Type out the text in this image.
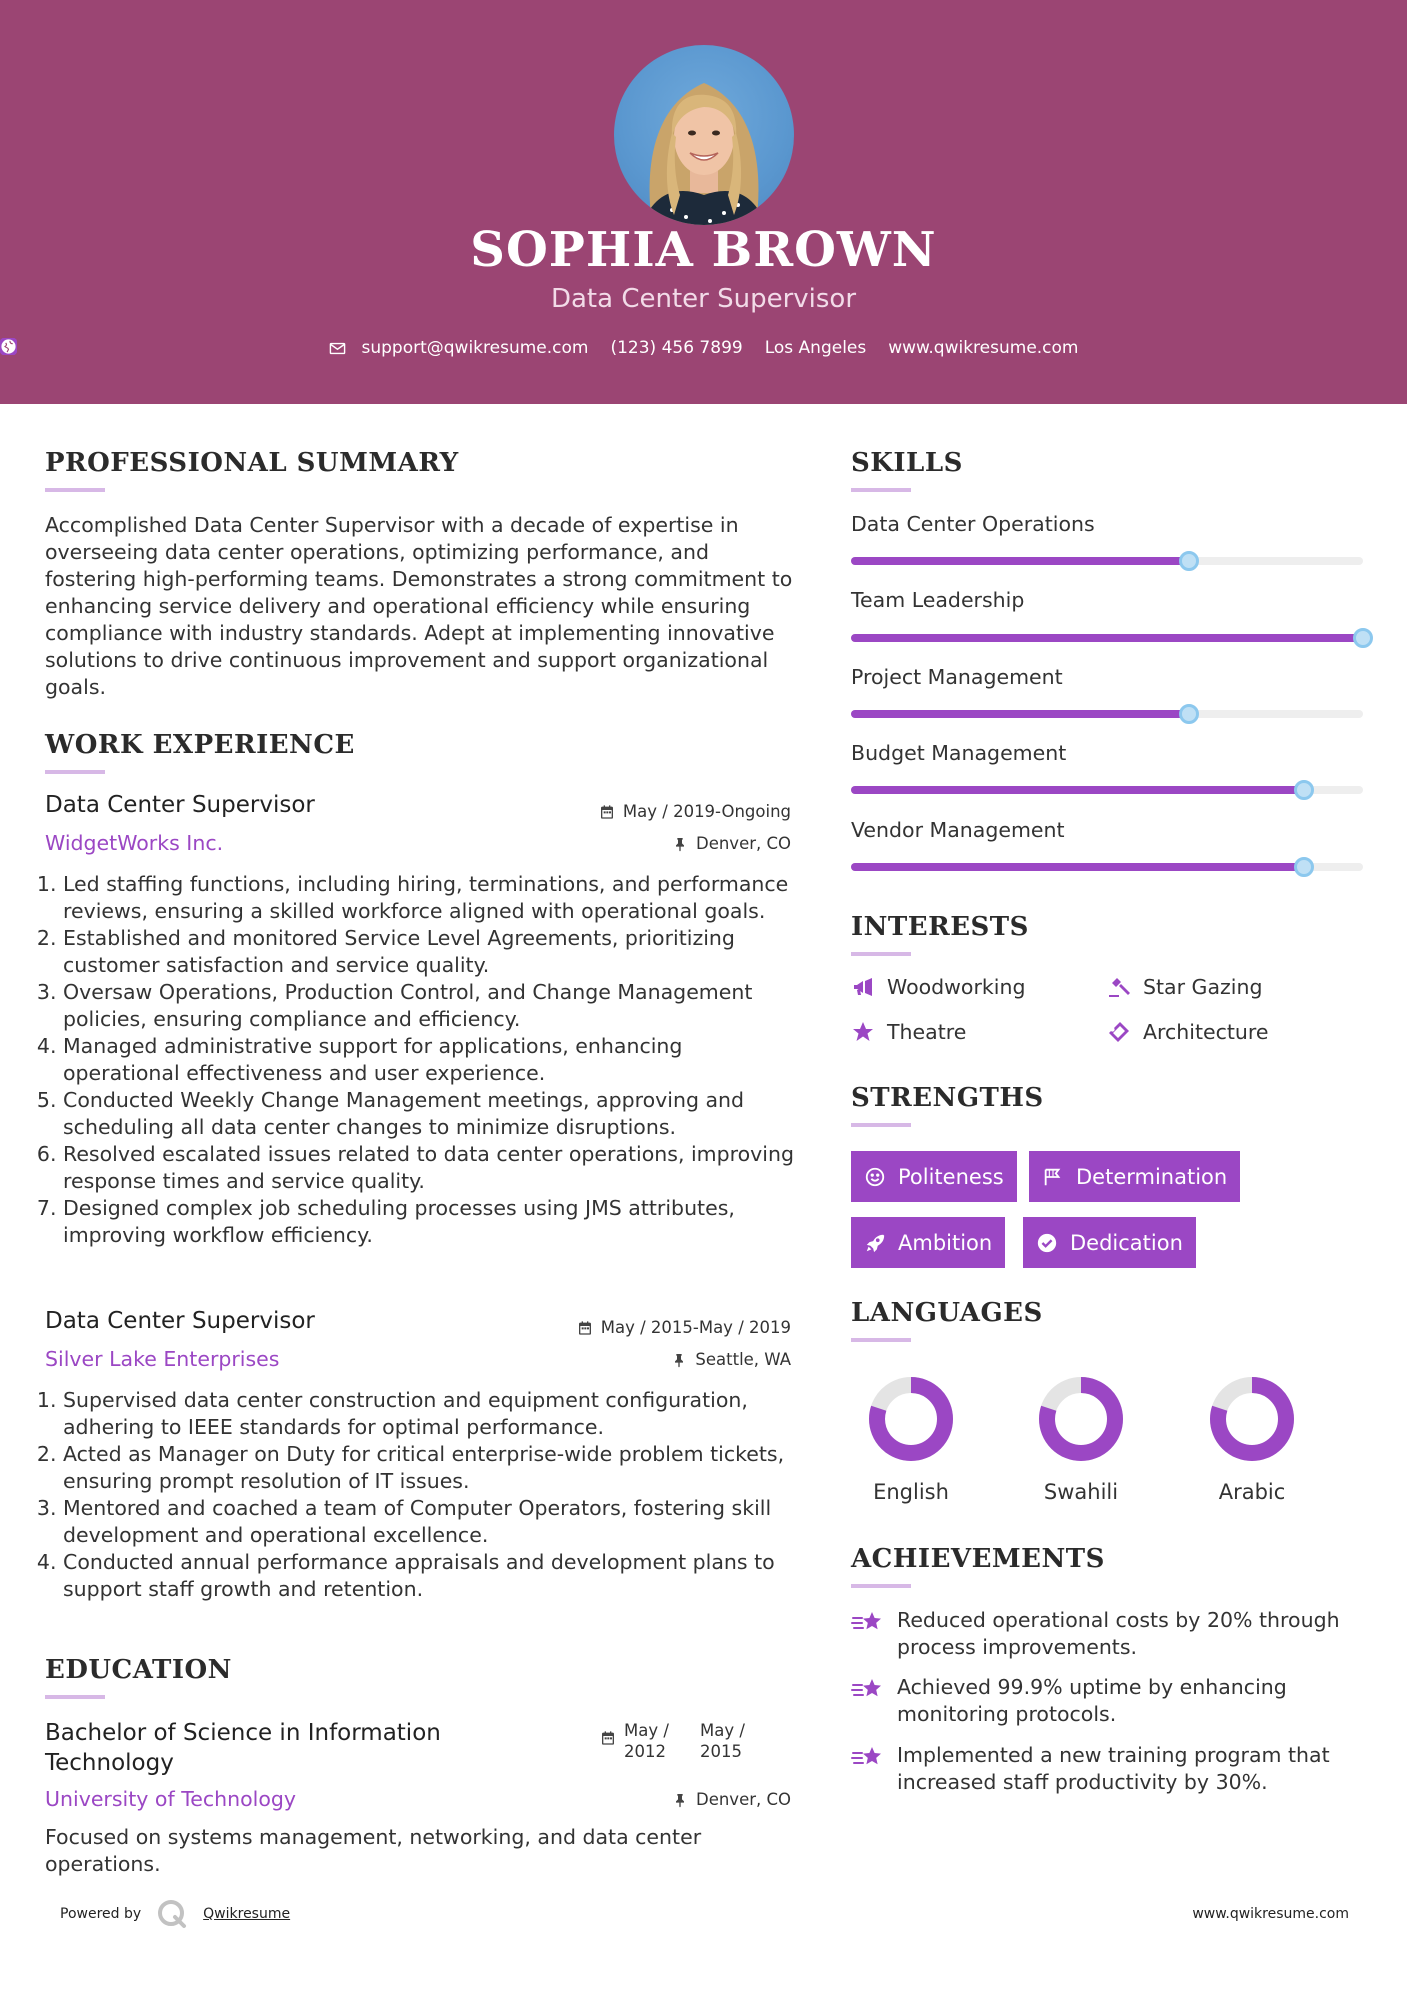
SOPHIA BROWN
Data Center Supervisor
support@qwikresume.com (123) 456 7899 Los Angeles www.qwikresume.com
PROFESSIONAL SUMMARY
Accomplished Data Center Supervisor with a decade of expertise in overseeing data center operations, optimizing performance, and fostering high-performing teams. Demonstrates a strong commitment to enhancing service delivery and operational efficiency while ensuring compliance with industry standards. Adept at implementing innovative solutions to drive continuous improvement and support organizational goals.
WORK EXPERIENCE
Data Center Supervisor	May / 2019-Ongoing
WidgetWorks Inc.	Denver, CO
1. Led staffing functions, including hiring, terminations, and performance reviews, ensuring a skilled workforce aligned with operational goals.
2. Established and monitored Service Level Agreements, prioritizing customer satisfaction and service quality.
3. Oversaw Operations, Production Control, and Change Management policies, ensuring compliance and efficiency.
4. Managed administrative support for applications, enhancing operational effectiveness and user experience.
5. Conducted Weekly Change Management meetings, approving and scheduling all data center changes to minimize disruptions.
6. Resolved escalated issues related to data center operations, improving response times and service quality.
7. Designed complex job scheduling processes using JMS attributes, improving workflow efficiency.
Data Center Supervisor	May / 2015-May / 2019
Silver Lake Enterprises	Seattle, WA
1. Supervised data center construction and equipment configuration, adhering to IEEE standards for optimal performance.
2. Acted as Manager on Duty for critical enterprise-wide problem tickets, ensuring prompt resolution of IT issues.
3. Mentored and coached a team of Computer Operators, fostering skill development and operational excellence.
4. Conducted annual performance appraisals and development plans to support staff growth and retention.
EDUCATION
Bachelor of Science in Information Technology
May / 2012
May / 2015
University of Technology	Denver, CO
Focused on systems management, networking, and data center operations.
SKILLS
Data Center Operations
Team Leadership
Project Management
Budget Management
Vendor Management
INTERESTS
Woodworking	Star Gazing
Theatre	Architecture
STRENGTHS
Politeness	Determination
Ambition	Dedication
LANGUAGES
English	Swahili	Arabic
ACHIEVEMENTS
Reduced operational costs by 20% through process improvements.
Achieved 99.9% uptime by enhancing monitoring protocols.
Implemented a new training program that increased staff productivity by 30%.
Powered by	Qwikresume	www.qwikresume.com
